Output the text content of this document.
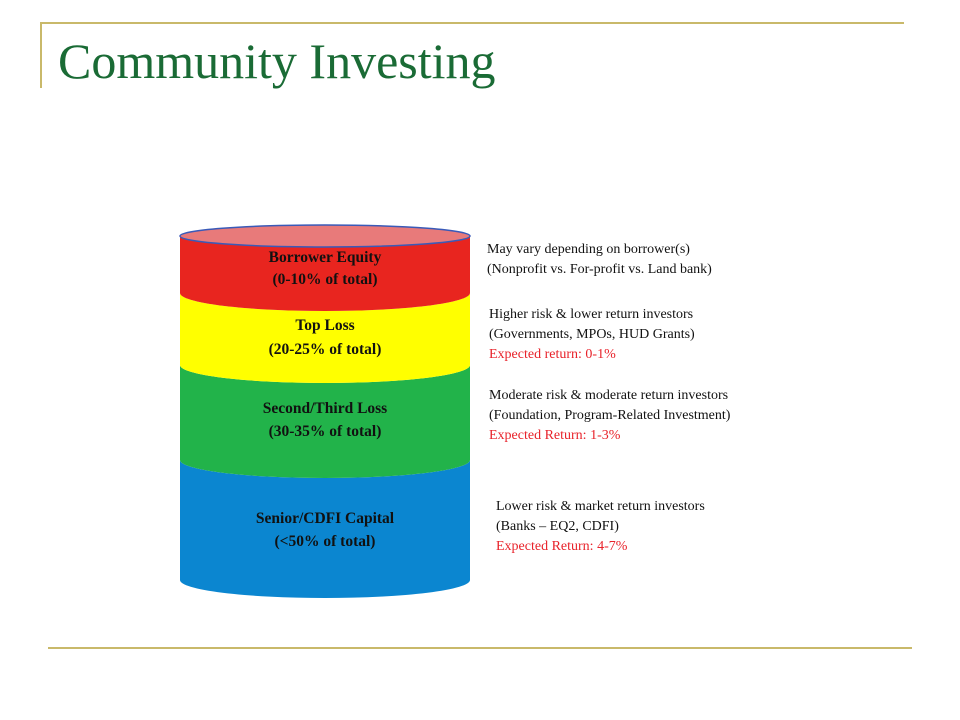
Community Investing
Borrower Equity
(0-10% of total)
Top Loss
(20-25% of total)
Second/Third Loss
(30-35% of total)
Senior/CDFI Capital
(<50% of total)
May vary depending on borrower(s)
(Nonprofit vs. For-profit vs. Land bank)
Higher risk & lower return investors
(Governments, MPOs, HUD Grants)
Expected return: 0-1%
Moderate risk & moderate return investors
(Foundation, Program-Related Investment)
Expected Return: 1-3%
Lower risk & market return investors
(Banks – EQ2, CDFI)
Expected Return: 4-7%
